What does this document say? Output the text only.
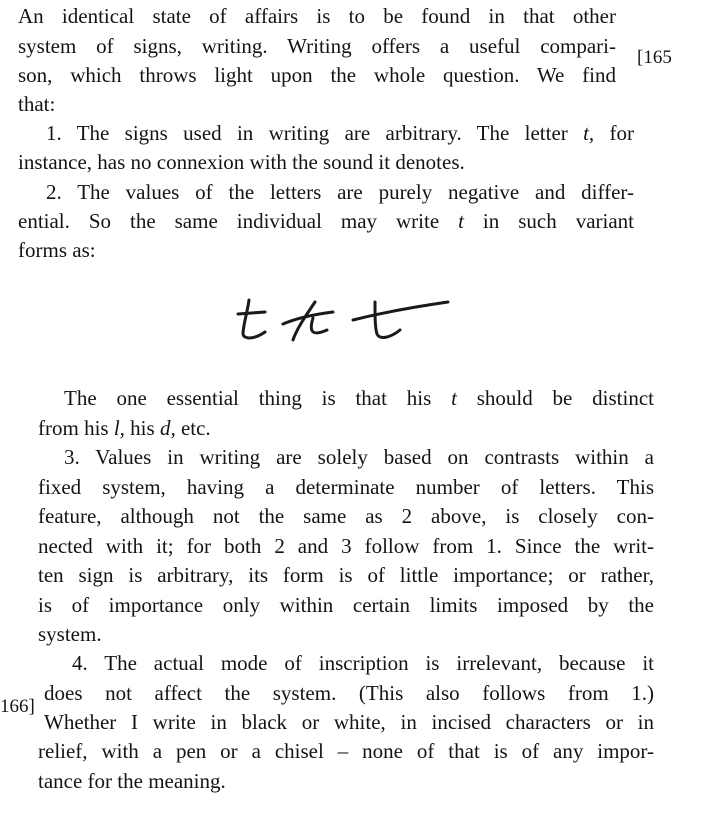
An identical state of affairs is to be found in that other
system of signs, writing. Writing offers a useful compari-
son, which throws light upon the whole question. We find
that:
[165
1. The signs used in writing are arbitrary. The letter t, for
instance, has no connexion with the sound it denotes.
2. The values of the letters are purely negative and differ-
ential. So the same individual may write t in such variant
forms as:
The one essential thing is that his t should be distinct
from his l, his d, etc.
3. Values in writing are solely based on contrasts within a
fixed system, having a determinate number of letters. This
feature, although not the same as 2 above, is closely con-
nected with it; for both 2 and 3 follow from 1. Since the writ-
ten sign is arbitrary, its form is of little importance; or rather,
is of importance only within certain limits imposed by the
system.
4. The actual mode of inscription is irrelevant, because it
does not affect the system. (This also follows from 1.)
Whether I write in black or white, in incised characters or in
relief, with a pen or a chisel – none of that is of any impor-
tance for the meaning.
166]
